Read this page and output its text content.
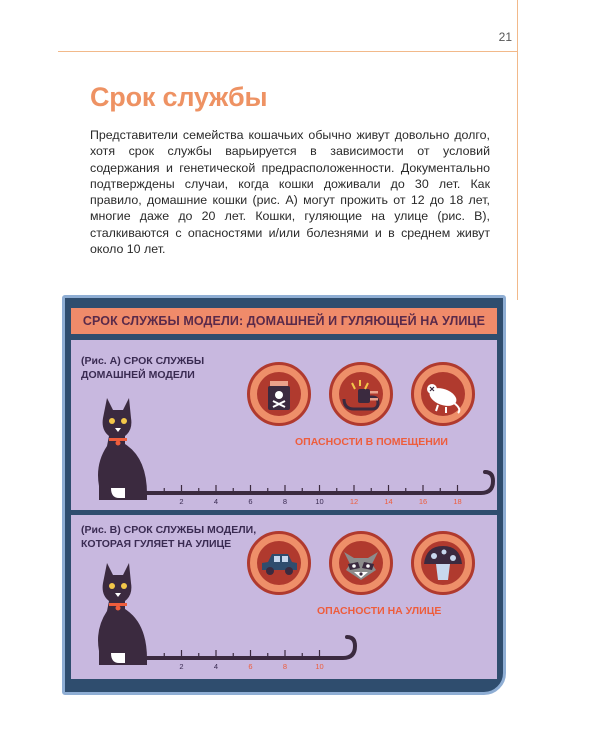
21
Срок службы
Представители семейства кошачьих обычно живут довольно долго, хотя срок службы варьируется в зависимости от условий содержания и генетической предрасположенности. Документально подтверждены случаи, когда кошки доживали до 30 лет. Как правило, домашние кошки (рис. A) могут прожить от 12 до 18 лет, многие даже до 20 лет. Кошки, гуляющие на улице (рис. B), сталкиваются с опасностями и/или болезнями и в среднем живут около 10 лет.
СРОК СЛУЖБЫ МОДЕЛИ: ДОМАШНЕЙ И ГУЛЯЮЩЕЙ НА УЛИЦЕ
(Рис. A) СРОК СЛУЖБЫ
ДОМАШНЕЙ МОДЕЛИ
ОПАСНОСТИ В ПОМЕЩЕНИИ
2	4	6	8	10	12	14	16	18
(Рис. B) СРОК СЛУЖБЫ МОДЕЛИ,
КОТОРАЯ ГУЛЯЕТ НА УЛИЦЕ
ОПАСНОСТИ НА УЛИЦЕ
2	4	6	8	10
